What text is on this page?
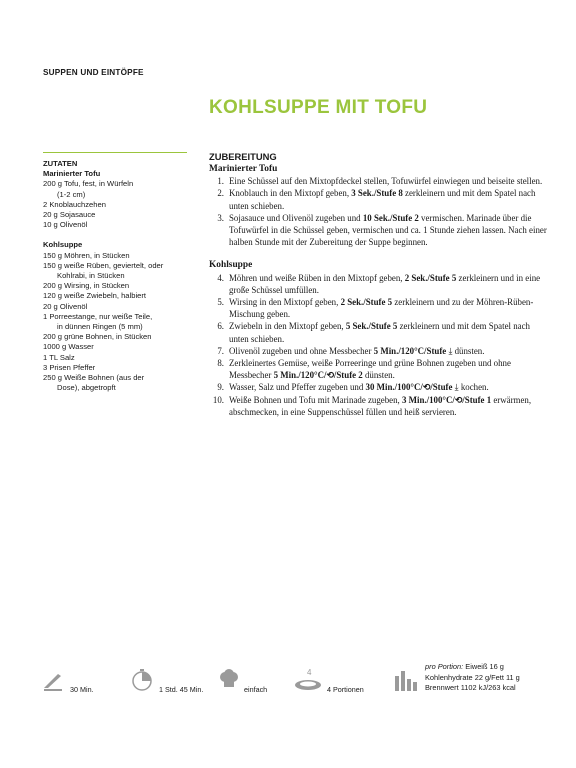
SUPPEN UND EINTÖPFE
KOHLSUPPE MIT TOFU
ZUTATEN
Marinierter Tofu
200 g Tofu, fest, in Würfeln
(1-2 cm)
2 Knoblauchzehen
20 g Sojasauce
10 g Olivenöl
Kohlsuppe
150 g Möhren, in Stücken
150 g weiße Rüben, geviertelt, oder
Kohlrabi, in Stücken
200 g Wirsing, in Stücken
120 g weiße Zwiebeln, halbiert
20 g Olivenöl
1 Porreestange, nur weiße Teile,
in dünnen Ringen (5 mm)
200 g grüne Bohnen, in Stücken
1000 g Wasser
1 TL Salz
3 Prisen Pfeffer
250 g Weiße Bohnen (aus der
Dose), abgetropft
ZUBEREITUNG
Marinierter Tofu
1. Eine Schüssel auf den Mixtopfdeckel stellen, Tofuwürfel einwiegen und beiseite stellen.
2. Knoblauch in den Mixtopf geben, 3 Sek./Stufe 8 zerkleinern und mit dem Spatel nach unten schieben.
3. Sojasauce und Olivenöl zugeben und 10 Sek./Stufe 2 vermischen. Marinade über die Tofuwürfel in die Schüssel geben, vermischen und ca. 1 Stunde ziehen lassen. Nach einer halben Stunde mit der Zubereitung der Suppe beginnen.
Kohlsuppe
4. Möhren und weiße Rüben in den Mixtopf geben, 2 Sek./Stufe 5 zerkleinern und in eine große Schüssel umfüllen.
5. Wirsing in den Mixtopf geben, 2 Sek./Stufe 5 zerkleinern und zu der Möhren-Rüben-Mischung geben.
6. Zwiebeln in den Mixtopf geben, 5 Sek./Stufe 5 zerkleinern und mit dem Spatel nach unten schieben.
7. Olivenöl zugeben und ohne Messbecher 5 Min./120°C/Stufe ⤓ dünsten.
8. Zerkleinertes Gemüse, weiße Porreeringe und grüne Bohnen zugeben und ohne Messbecher 5 Min./120°C/⟲/Stufe 2 dünsten.
9. Wasser, Salz und Pfeffer zugeben und 30 Min./100°C/⟲/Stufe ⤓ kochen.
10. Weiße Bohnen und Tofu mit Marinade zugeben, 3 Min./100°C/⟲/Stufe 1 erwärmen, abschmecken, in eine Suppenschüssel füllen und heiß servieren.
30 Min.	1 Std. 45 Min.	einfach
4
4 Portionen
pro Portion: Eiweiß 16 g
Kohlenhydrate 22 g/Fett 11 g
Brennwert 1102 kJ/263 kcal
